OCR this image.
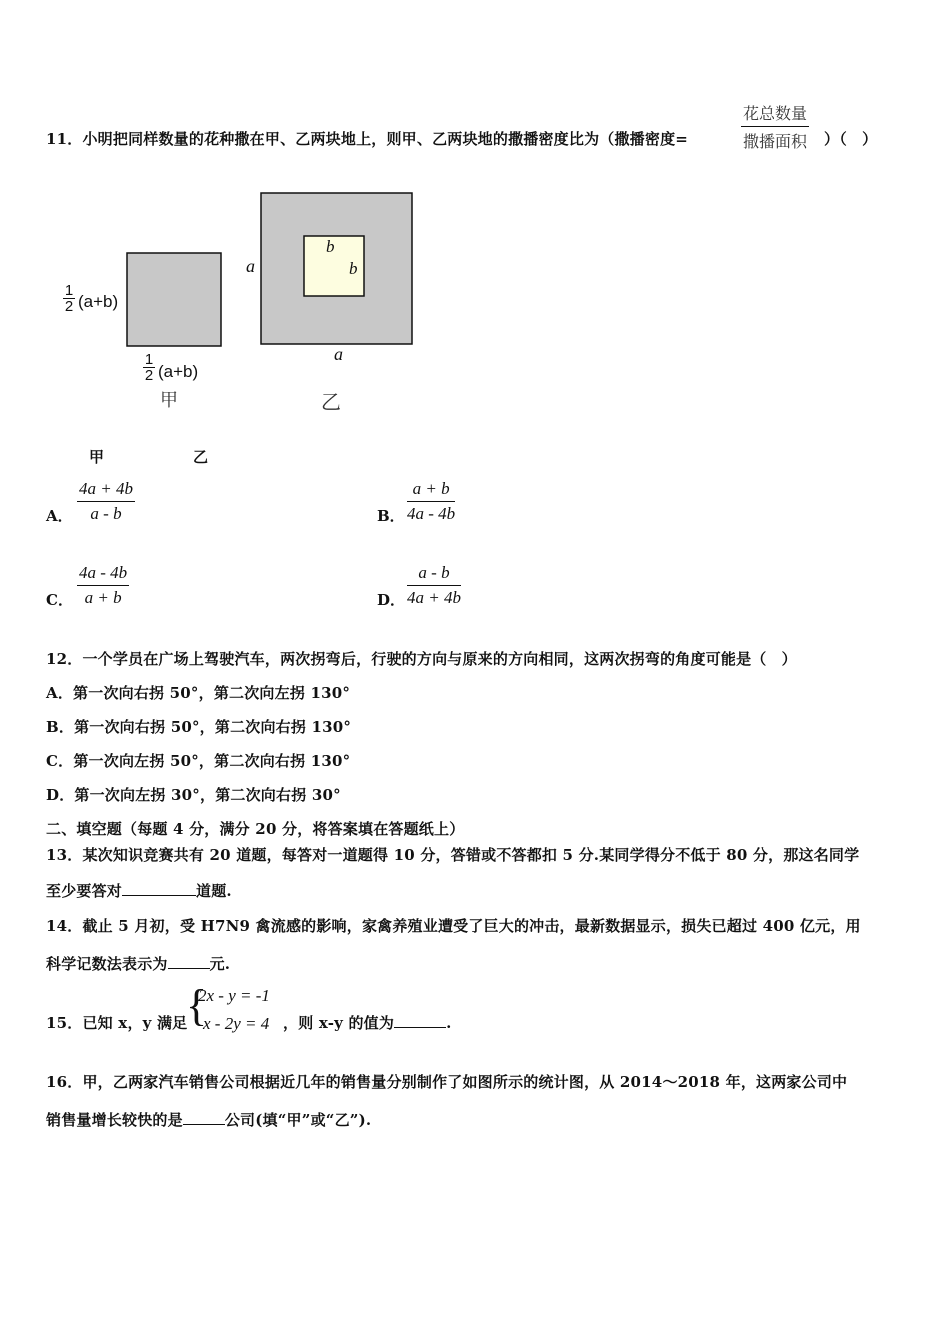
11．小明把同样数量的花种撒在甲、乙两块地上，则甲、乙两块地的撒播密度比为（撒播密度=
花总数量
撒播面积 ）（　）
1
2 (a+b)
1
2 (a+b)
甲
a
a
b
b
乙
甲	乙
A．
4a + 4b
a - b	B．
a + b
4a - 4b
C．
4a - 4b
a + b	D．
a - b
4a + 4b
12．一个学员在广场上驾驶汽车，两次拐弯后，行驶的方向与原来的方向相同，这两次拐弯的角度可能是（　）
A．第一次向右拐 50°，第二次向左拐 130°
B．第一次向右拐 50°，第二次向右拐 130°
C．第一次向左拐 50°，第二次向右拐 130°
D．第一次向左拐 30°，第二次向右拐 30°
二、填空题（每题 4 分，满分 20 分，将答案填在答题纸上）
13．某次知识竞赛共有 20 道题，每答对一道题得 10 分，答错或不答都扣 5 分.某同学得分不低于 80 分，那这名同学
至少要答对	道题.
14．截止 5 月初，受 H7N9 禽流感的影响，家禽养殖业遭受了巨大的冲击，最新数据显示，损失已超过 400 亿元，用
科学记数法表示为	元.
15．已知 x，y 满足
{
2x - y = -1
x - 2y = 4 ，则 x-y 的值为	.
16．甲，乙两家汽车销售公司根据近几年的销售量分别制作了如图所示的统计图，从 2014～2018 年，这两家公司中
销售量增长较快的是	公司(填“甲”或“乙”).
